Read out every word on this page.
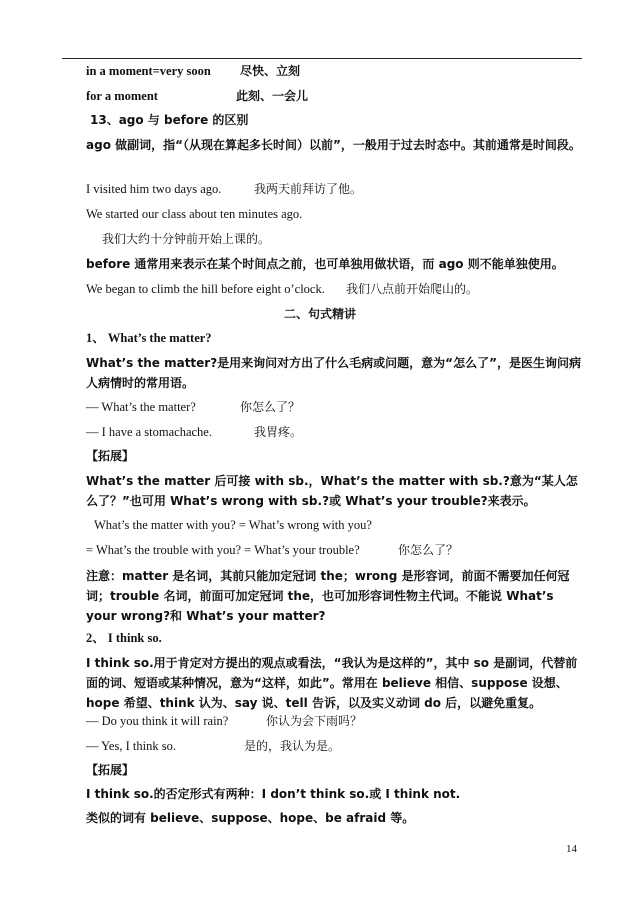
in a moment=very soon 尽快、立刻
for a moment	此刻、一会儿
13、ago 与 before 的区别
ago 做副词，指“（从现在算起多长时间）以前”，一般用于过去时态中。其前通常是时间段。
I visited him two days ago.	我两天前拜访了他。
We started our class about ten minutes ago.
我们大约十分钟前开始上课的。
before 通常用来表示在某个时间点之前，也可单独用做状语，而 ago 则不能单独使用。
We began to climb the hill before eight o’clock. 我们八点前开始爬山的。
二、句式精讲
1、 What’s the matter?
What’s the matter?是用来询问对方出了什么毛病或问题，意为“怎么了”，是医生询问病人病情时的常用语。
— What’s the matter?	你怎么了？
— I have a stomachache.	我胃疼。
【拓展】
What’s the matter 后可接 with sb.，What’s the matter with sb.?意为“某人怎么了？”也可用 What’s wrong with sb.?或 What’s your trouble?来表示。
What’s the matter with you? = What’s wrong with you?
= What’s the trouble with you? = What’s your trouble?	你怎么了？
注意：matter 是名词，其前只能加定冠词 the；wrong 是形容词，前面不需要加任何冠词；trouble 名词，前面可加定冠词 the，也可加形容词性物主代词。不能说 What’s your wrong?和 What’s your matter?
2、 I think so.
I think so.用于肯定对方提出的观点或看法，“我认为是这样的”，其中 so 是副词，代替前面的词、短语或某种情况，意为“这样，如此”。常用在 believe 相信、suppose 设想、hope 希望、think 认为、say 说、tell 告诉，以及实义动词 do 后，以避免重复。
— Do you think it will rain?	你认为会下雨吗？
— Yes, I think so.	是的，我认为是。
【拓展】
I think so.的否定形式有两种：I don’t think so.或 I think not.
类似的词有 believe、suppose、hope、be afraid 等。
14
